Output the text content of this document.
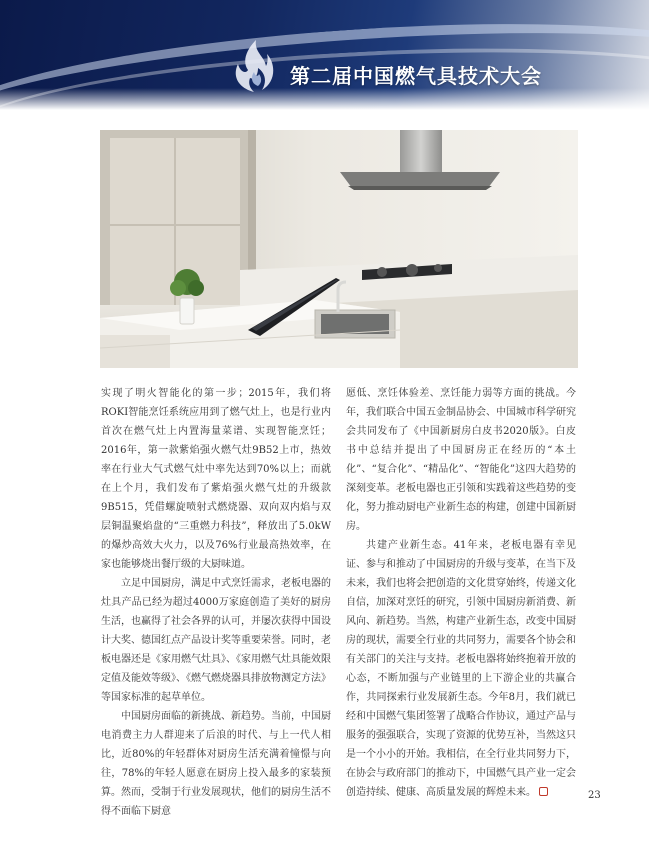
第二届中国燃气具技术大会

实现了明火智能化的第一步；2015年，我们将ROKI智能烹饪系统应用到了燃气灶上，也是行业内首次在燃气灶上内置海量菜谱、实现智能烹饪；2016年，第一款紫焰强火燃气灶9B52上市，热效率在行业大气式燃气灶中率先达到70%以上；而就在上个月，我们发布了紫焰强火燃气灶的升级款9B515，凭借螺旋喷射式燃烧器、双向双内焰与双层铜温聚焰盘的“三重燃力科技”，释放出了5.0kW的爆炒高效大火力，以及76%行业最高热效率，在家也能够烧出餐厅级的大厨味道。

立足中国厨房，满足中式烹饪需求，老板电器的灶具产品已经为超过4000万家庭创造了美好的厨房生活，也赢得了社会各界的认可，并屡次获得中国设计大奖、德国红点产品设计奖等重要荣誉。同时，老板电器还是《家用燃气灶具》、《家用燃气灶具能效限定值及能效等级》、《燃气燃烧器具排放物测定方法》等国家标准的起草单位。

中国厨房面临的新挑战、新趋势。当前，中国厨电消费主力人群迎来了后浪的时代、与上一代人相比，近80%的年轻群体对厨房生活充满着憧憬与向往，78%的年轻人愿意在厨房上投入最多的家装预算。然而，受制于行业发展现状，他们的厨房生活不得不面临下厨意

愿低、烹饪体验差、烹饪能力弱等方面的挑战。今年，我们联合中国五金制品协会、中国城市科学研究会共同发布了《中国新厨房白皮书2020版》。白皮书中总结并提出了中国厨房正在经历的“本土化”、“复合化”、“精品化”、“智能化”这四大趋势的深刻变革。老板电器也正引领和实践着这些趋势的变化，努力推动厨电产业新生态的构建，创建中国新厨房。

共建产业新生态。41年来，老板电器有幸见证、参与和推动了中国厨房的升级与变革，在当下及未来，我们也将会把创造的文化贯穿始终，传递文化自信，加深对烹饪的研究，引领中国厨房新消费、新风向、新趋势。当然，构建产业新生态，改变中国厨房的现状，需要全行业的共同努力，需要各个协会和有关部门的关注与支持。老板电器将始终抱着开放的心态，不断加强与产业链里的上下游企业的共赢合作，共同探索行业发展新生态。今年8月，我们就已经和中国燃气集团签署了战略合作协议，通过产品与服务的强强联合，实现了资源的优势互补，当然这只是一个小小的开始。我相信，在全行业共同努力下，在协会与政府部门的推动下，中国燃气具产业一定会创造持续、健康、高质量发展的辉煌未来。	23
